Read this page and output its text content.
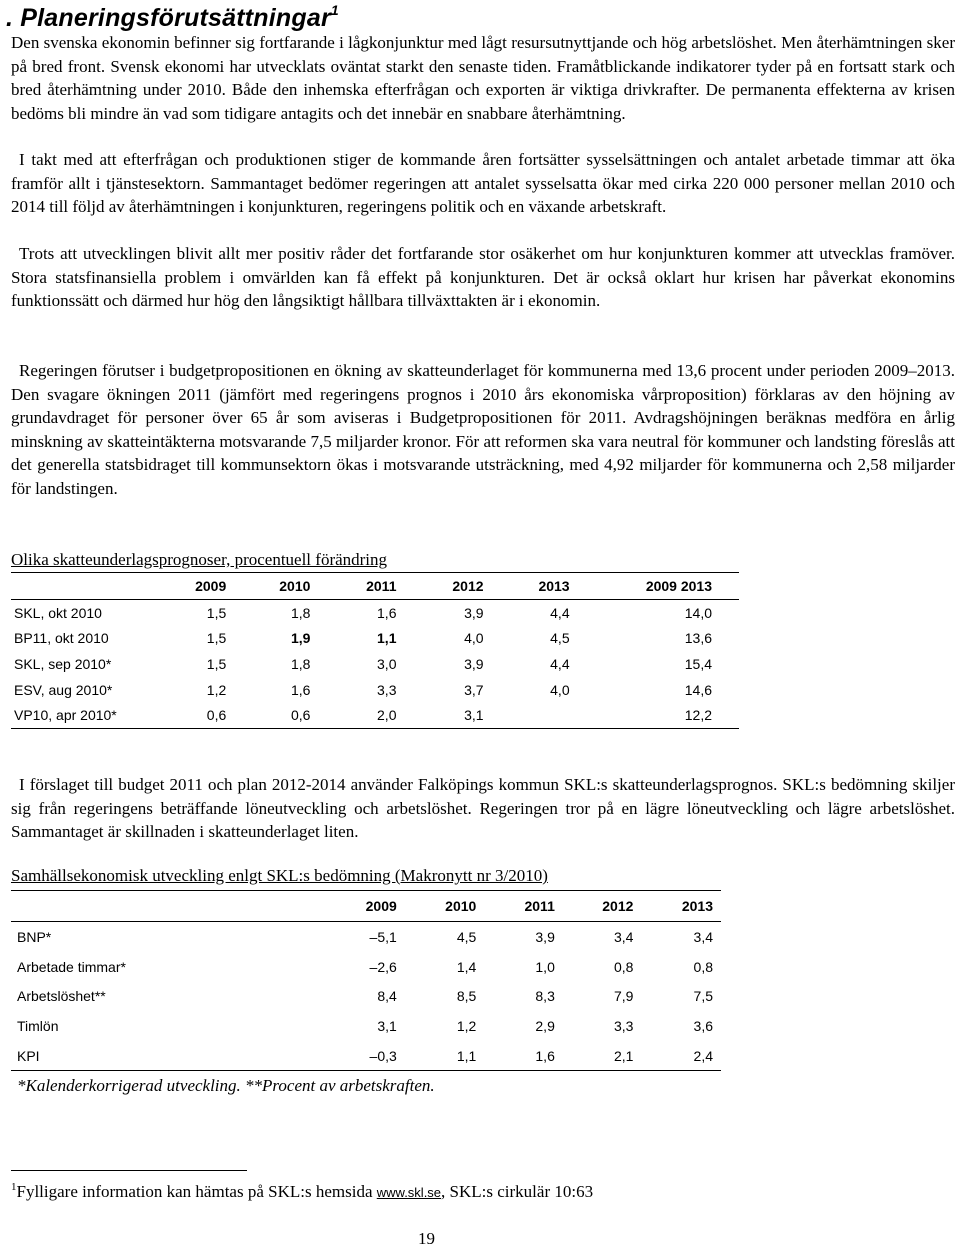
. Planeringsförutsättningar$^1$

Den svenska ekonomin befinner sig fortfarande i lågkonjunktur med lågt resursutnyttjande och hög arbetslöshet. Men återhämtningen sker på bred front. Svensk ekonomi har utvecklats oväntat starkt den senaste tiden. Framåtblickande indikatorer tyder på en fortsatt stark och bred återhämtning under 2010. Både den inhemska efterfrågan och exporten är viktiga drivkrafter. De permanenta effekterna av krisen bedöms bli mindre än vad som tidigare antagits och det innebär en snabbare återhämtning.

I takt med att efterfrågan och produktionen stiger de kommande åren fortsätter sysselsättningen och antalet arbetade timmar att öka framför allt i tjänstesektorn. Sammantaget bedömer regeringen att antalet sysselsatta ökar med cirka 220 000 personer mellan 2010 och 2014 till följd av återhämtningen i konjunkturen, regeringens politik och en växande arbetskraft.

Trots att utvecklingen blivit allt mer positiv råder det fortfarande stor osäkerhet om hur konjunkturen kommer att utvecklas framöver. Stora statsfinansiella problem i omvärlden kan få effekt på konjunkturen. Det är också oklart hur krisen har påverkat ekonomins funktionssätt och därmed hur hög den långsiktigt hållbara tillväxttakten är i ekonomin.

Regeringen förutser i budgetpropositionen en ökning av skatteunderlaget för kommunerna med 13,6 procent under perioden 2009–2013. Den svagare ökningen 2011 (jämfört med regeringens prognos i 2010 års ekonomiska vårproposition) förklaras av den höjning av grundavdraget för personer över 65 år som aviseras i Budgetpropositionen för 2011. Avdragshöjningen beräknas medföra en årlig minskning av skatteintäkterna motsvarande 7,5 miljarder kronor. För att reformen ska vara neutral för kommuner och landsting föreslås att det generella statsbidraget till kommunsektorn ökas i motsvarande utsträckning, med 4,92 miljarder för kommunerna och 2,58 miljarder för landstingen.

Olika skatteunderlagsprognoser, procentuell förändring
	2009	2010	2011	2012	2013	2009 2013
SKL, okt 2010	1,5	1,8	1,6	3,9	4,4	14,0
BP11, okt 2010	1,5	1,9	1,1	4,0	4,5	13,6
SKL, sep 2010*	1,5	1,8	3,0	3,9	4,4	15,4
ESV, aug 2010*	1,2	1,6	3,3	3,7	4,0	14,6
VP10, apr 2010*	0,6	0,6	2,0	3,1		12,2

I förslaget till budget 2011 och plan 2012-2014 använder Falköpings kommun SKL:s skatteunderlagsprognos. SKL:s bedömning skiljer sig från regeringens beträffande löneutveckling och arbetslöshet. Regeringen tror på en lägre löneutveckling och lägre arbetslöshet. Sammantaget är skillnaden i skatteunderlaget liten.

Samhällsekonomisk utveckling enlgt SKL:s bedömning (Makronytt nr 3/2010)
	2009	2010	2011	2012	2013
BNP*	–5,1	4,5	3,9	3,4	3,4
Arbetade timmar*	–2,6	1,4	1,0	0,8	0,8
Arbetslöshet**	8,4	8,5	8,3	7,9	7,5
Timlön	3,1	1,2	2,9	3,3	3,6
KPI	–0,3	1,1	1,6	2,1	2,4
*Kalenderkorrigerad utveckling. **Procent av arbetskraften.
$^1$Fylligare information kan hämtas på SKL:s hemsida www.skl.se, SKL:s cirkulär 10:63
19
